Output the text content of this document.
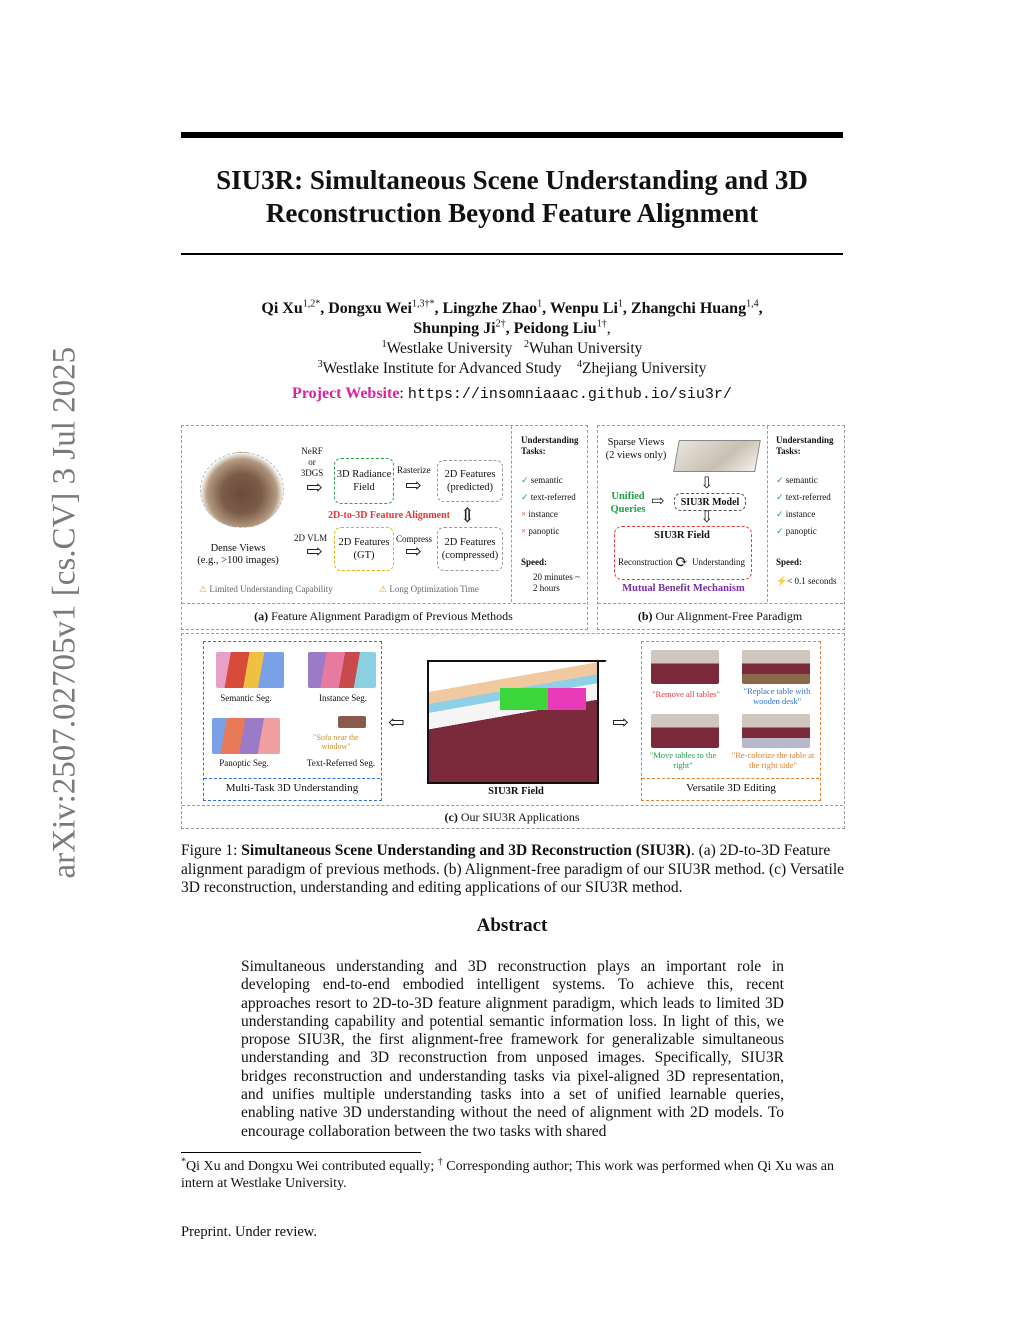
arXiv:2507.02705v1 [cs.CV] 3 Jul 2025
SIU3R: Simultaneous Scene Understanding and 3D
Reconstruction Beyond Feature Alignment
Qi $Xu^{1,2*}$, Dongxu Wei$^{1,3\dagger*}$, Lingzhe Zhao$^1$, Wenpu Li$^1$, Zhangchi Huang$^{1,4}$,
Shunping $Ji^{2\dagger}$, Peidong Liu$^{1\dagger}$,
$^1$Westlake University $^2$Wuhan University
$^3$Westlake Institute for Advanced Study $^4$Zhejiang University
Project Website: https://insomniaaac.github.io/siu3r/
Dense Views
(e.g., >100 images)
NeRF
or
3DGS
⇨
3D Radiance Field
Rasterize
⇨
2D Features (predicted)
2D-to-3D Feature Alignment ⇕
2D VLM
⇨	2D Features (GT)
Compress
⇨	2D Features (compressed)
⚠ Limited Understanding Capability	⚠ Long Optimization Time
Understanding Tasks:
✓ semantic
✓ text-referred
× instance
× panoptic
Speed:
20 minutes ~ 2 hours
(a) Feature Alignment Paradigm of Previous Methods
Sparse Views (2 views only)
⇩
Unified Queries ⇨	SIU3R Model
⇩
SIU3R Field
Reconstruction ⟳ Understanding
Mutual Benefit Mechanism
Understanding Tasks:
✓ semantic
✓ text-referred
✓ instance
✓ panoptic
Speed:
⚡< 0.1 seconds
(b) Our Alignment-Free Paradigm
Semantic Seg.	Instance Seg.
Panoptic Seg.
"Sofa near the window"
Text-Referred Seg.
Multi-Task 3D Understanding
⇦
SIU3R Field
⇨
"Remove all tables"	"Replace table with wooden desk"
"Move tables to the right"
"Re-colorize the table at the right side"
Versatile 3D Editing
(c) Our SIU3R Applications
Figure 1: Simultaneous Scene Understanding and 3D Reconstruction (SIU3R). (a) 2D-to-3D Feature alignment paradigm of previous methods. (b) Alignment-free paradigm of our SIU3R method. (c) Versatile 3D reconstruction, understanding and editing applications of our SIU3R method.
Abstract
Simultaneous understanding and 3D reconstruction plays an important role in developing end-to-end embodied intelligent systems. To achieve this, recent approaches resort to 2D-to-3D feature alignment paradigm, which leads to limited 3D understanding capability and potential semantic information loss. In light of this, we propose SIU3R, the first alignment-free framework for generalizable simultaneous understanding and 3D reconstruction from unposed images. Specifically, SIU3R bridges reconstruction and understanding tasks via pixel-aligned 3D representation, and unifies multiple understanding tasks into a set of unified learnable queries, enabling native 3D understanding without the need of alignment with 2D models. To encourage collaboration between the two tasks with shared
*Qi Xu and Dongxu Wei contributed equally; † Corresponding author; This work was performed when Qi Xu was an intern at Westlake University.
Preprint. Under review.
